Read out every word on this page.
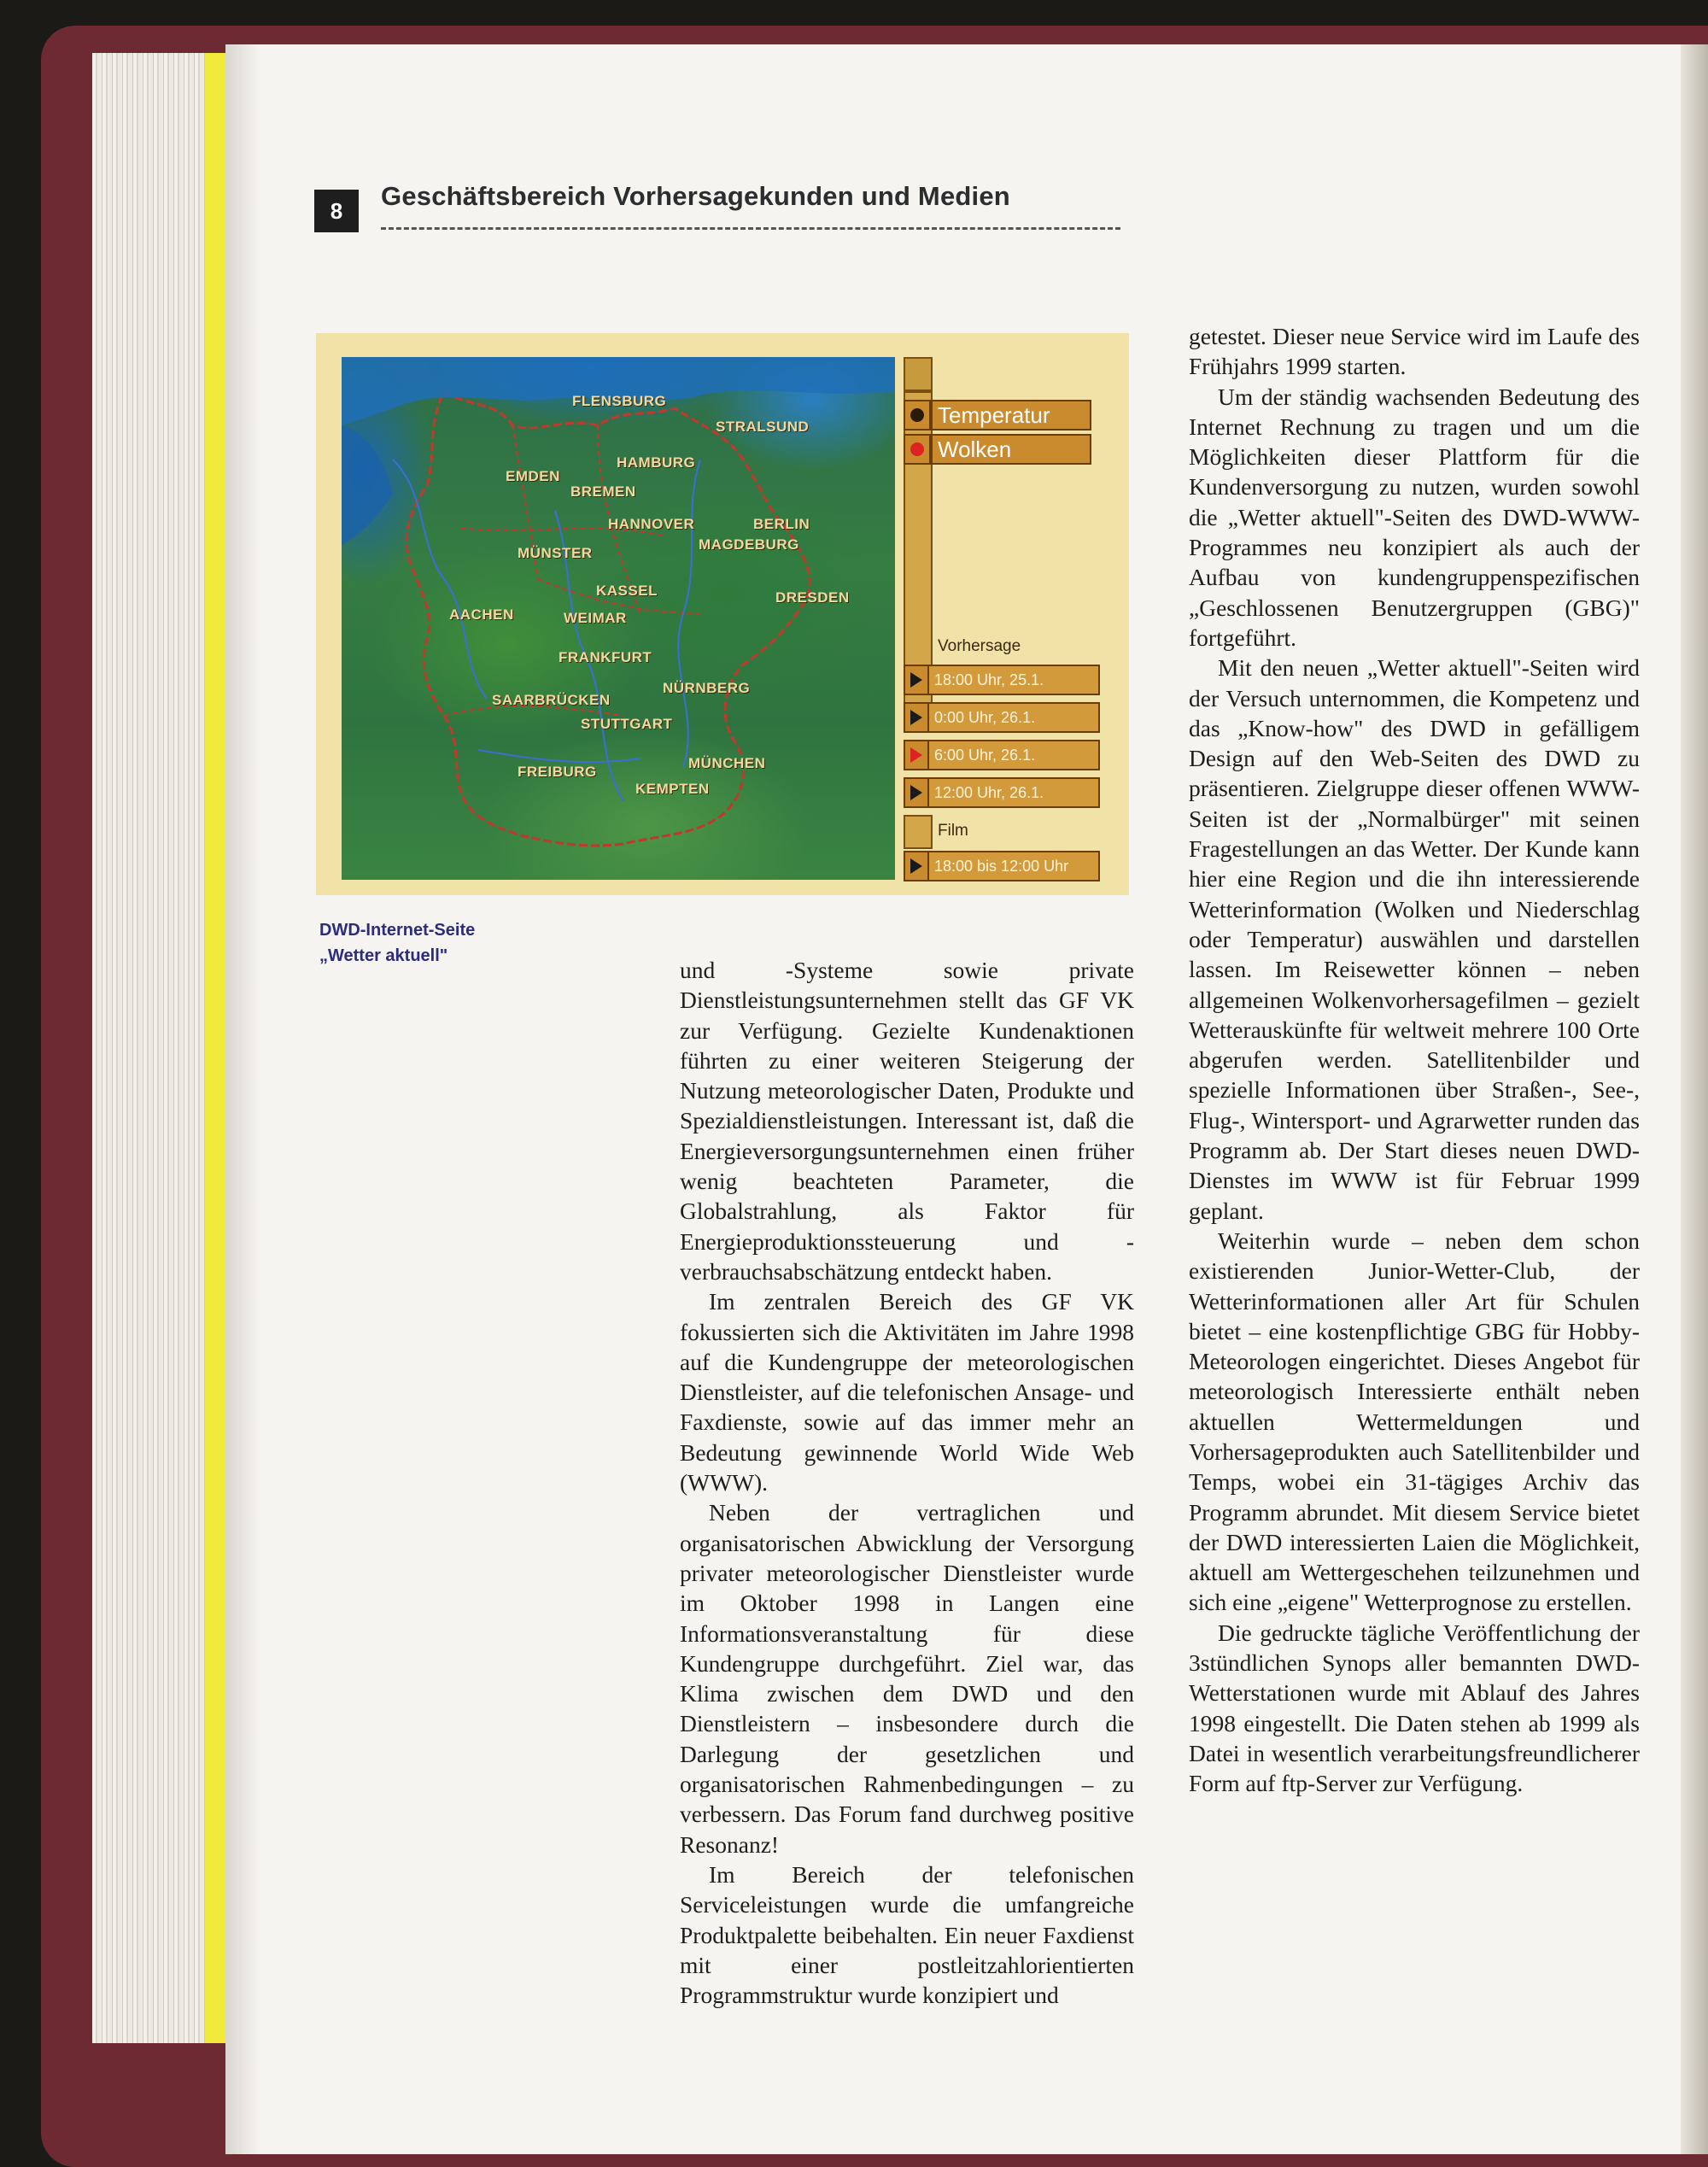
8	Geschäftsbereich Vorhersagekunden und Medien
FLENSBURG
STRALSUND
HAMBURG
EMDEN
BREMEN
HANNOVER	BERLIN
MAGDEBURG
MÜNSTER
KASSEL	DRESDEN
AACHEN	WEIMAR
FRANKFURT
NÜRNBERG
SAARBRÜCKEN
STUTTGART
FREIBURG
MÜNCHEN
KEMPTEN
Temperatur
Wolken
Vorhersage
18:00 Uhr, 25.1.
0:00 Uhr, 26.1.
6:00 Uhr, 26.1.
12:00 Uhr, 26.1.
Film
18:00 bis 12:00 Uhr
DWD-Internet-Seite
„Wetter aktuell"

und -Systeme sowie private Dienstleistungsunternehmen stellt das GF VK zur Verfügung. Gezielte Kundenaktionen führten zu einer weiteren Steigerung der Nutzung meteorologischer Daten, Produkte und Spezialdienstleistungen. Interessant ist, daß die Energieversorgungsunternehmen einen früher wenig beachteten Parameter, die Globalstrahlung, als Faktor für Energieproduktionssteuerung und -verbrauchsabschätzung entdeckt haben.

Im zentralen Bereich des GF VK fokussierten sich die Aktivitäten im Jahre 1998 auf die Kundengruppe der meteorologischen Dienstleister, auf die telefonischen Ansage- und Faxdienste, sowie auf das immer mehr an Bedeutung gewinnende World Wide Web (WWW).

Neben der vertraglichen und organisatorischen Abwicklung der Versorgung privater meteorologischer Dienstleister wurde im Oktober 1998 in Langen eine Informationsveranstaltung für diese Kundengruppe durchgeführt. Ziel war, das Klima zwischen dem DWD und den Dienstleistern – insbesondere durch die Darlegung der gesetzlichen und organisatorischen Rahmenbedingungen – zu verbessern. Das Forum fand durchweg positive Resonanz!

Im Bereich der telefonischen Serviceleistungen wurde die umfangreiche Produktpalette beibehalten. Ein neuer Faxdienst mit einer postleitzahlorientierten Programmstruktur wurde konzipiert und

getestet. Dieser neue Service wird im Laufe des Frühjahrs 1999 starten.

Um der ständig wachsenden Bedeutung des Internet Rechnung zu tragen und um die Möglichkeiten dieser Plattform für die Kundenversorgung zu nutzen, wurden sowohl die „Wetter aktuell"-Seiten des DWD-WWW-Programmes neu konzipiert als auch der Aufbau von kundengruppenspezifischen „Geschlossenen Benutzergruppen (GBG)" fortgeführt.

Mit den neuen „Wetter aktuell"-Seiten wird der Versuch unternommen, die Kompetenz und das „Know-how" des DWD in gefälligem Design auf den Web-Seiten des DWD zu präsentieren. Zielgruppe dieser offenen WWW-Seiten ist der „Normalbürger" mit seinen Fragestellungen an das Wetter. Der Kunde kann hier eine Region und die ihn interessierende Wetterinformation (Wolken und Niederschlag oder Temperatur) auswählen und darstellen lassen. Im Reisewetter können – neben allgemeinen Wolkenvorhersagefilmen – gezielt Wetterauskünfte für weltweit mehrere 100 Orte abgerufen werden. Satellitenbilder und spezielle Informationen über Straßen-, See-, Flug-, Wintersport- und Agrarwetter runden das Programm ab. Der Start dieses neuen DWD-Dienstes im WWW ist für Februar 1999 geplant.

Weiterhin wurde – neben dem schon existierenden Junior-Wetter-Club, der Wetterinformationen aller Art für Schulen bietet – eine kostenpflichtige GBG für Hobby-Meteorologen eingerichtet. Dieses Angebot für meteorologisch Interessierte enthält neben aktuellen Wettermeldungen und Vorhersageprodukten auch Satellitenbilder und Temps, wobei ein 31-tägiges Archiv das Programm abrundet. Mit diesem Service bietet der DWD interessierten Laien die Möglichkeit, aktuell am Wettergeschehen teilzunehmen und sich eine „eigene" Wetterprognose zu erstellen.

Die gedruckte tägliche Veröffentlichung der 3stündlichen Synops aller bemannten DWD-Wetterstationen wurde mit Ablauf des Jahres 1998 eingestellt. Die Daten stehen ab 1999 als Datei in wesentlich verarbeitungsfreundlicherer Form auf ftp-Server zur Verfügung.
